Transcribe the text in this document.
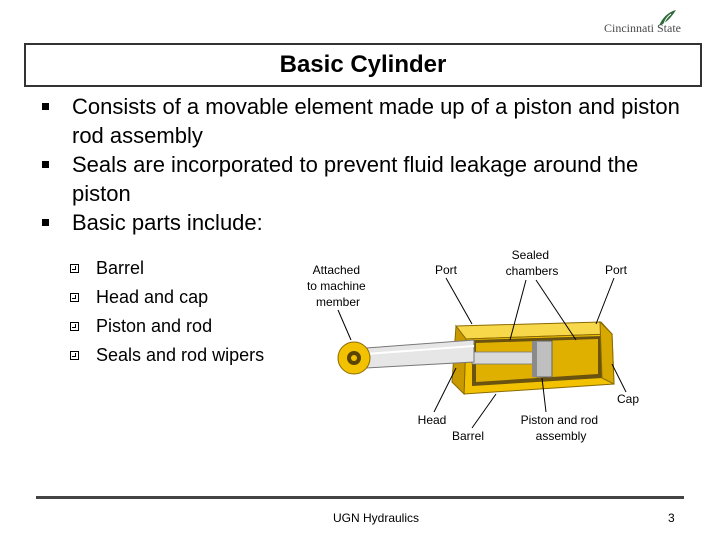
Cincinnati State
Basic Cylinder
Consists of a movable element made up of a piston and piston rod assembly
Seals are incorporated to prevent fluid leakage around the piston
Basic parts include:
Barrel
Head and cap
Piston and rod
Seals and rod wipers
Attached to machine member
Port
Sealed chambers	Port
Cap
Head
Barrel
Piston and rod assembly
UGN Hydraulics	3
